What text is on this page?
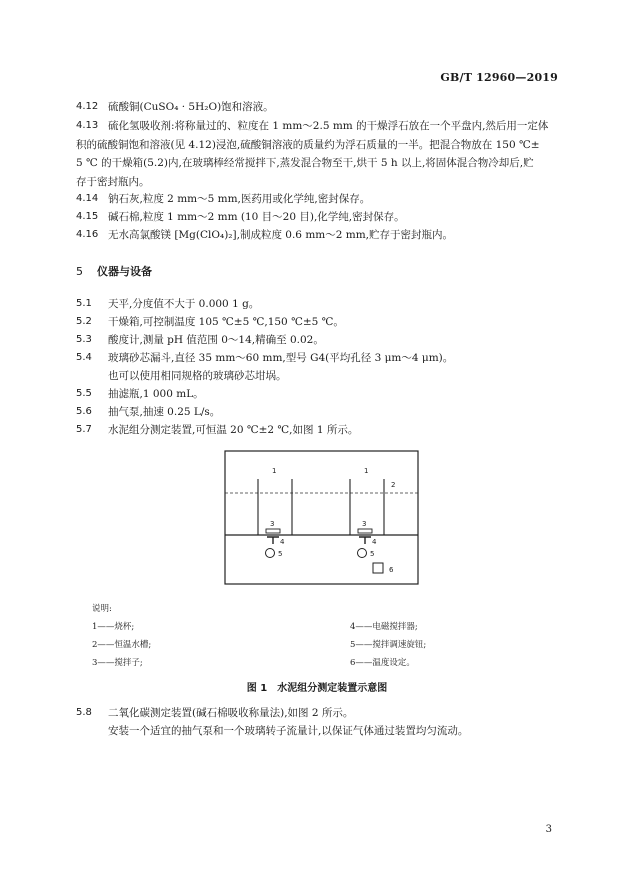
GB/T 12960—2019
4.12 硫酸铜(CuSO₄ · 5H₂O)饱和溶液。
4.13 硫化氢吸收剂:将称量过的、粒度在 1 mm～2.5 mm 的干燥浮石放在一个平盘内,然后用一定体
积的硫酸铜饱和溶液(见 4.12)浸泡,硫酸铜溶液的质量约为浮石质量的一半。把混合物放在 150 ℃±
5 ℃ 的干燥箱(5.2)内,在玻璃棒经常搅拌下,蒸发混合物至干,烘干 5 h 以上,将固体混合物冷却后,贮
存于密封瓶内。
4.14 钠石灰,粒度 2 mm～5 mm,医药用或化学纯,密封保存。
4.15 碱石棉,粒度 1 mm～2 mm (10 目～20 目),化学纯,密封保存。
4.16 无水高氯酸镁 [Mg(ClO₄)₂],制成粒度 0.6 mm～2 mm,贮存于密封瓶内。
5 仪器与设备
5.1 天平,分度值不大于 0.000 1 g。
5.2 干燥箱,可控制温度 105 ℃±5 ℃,150 ℃±5 ℃。
5.3 酸度计,测量 pH 值范围 0～14,精确至 0.02。
5.4 玻璃砂芯漏斗,直径 35 mm～60 mm,型号 G4(平均孔径 3 μm～4 μm)。
也可以使用相同规格的玻璃砂芯坩埚。
5.5 抽滤瓶,1 000 mL。
5.6 抽气泵,抽速 0.25 L/s。
5.7 水泥组分测定装置,可恒温 20 ℃±2 ℃,如图 1 所示。
1	1
2
3	3
4	4
5	5
6
说明:
1——烧杯;
2——恒温水槽;
3——搅拌子;
4——电磁搅拌器;
5——搅拌调速旋钮;
6——温度设定。
图 1　水泥组分测定装置示意图
5.8 二氧化碳测定装置(碱石棉吸收称量法),如图 2 所示。
安装一个适宜的抽气泵和一个玻璃转子流量计,以保证气体通过装置均匀流动。
3
